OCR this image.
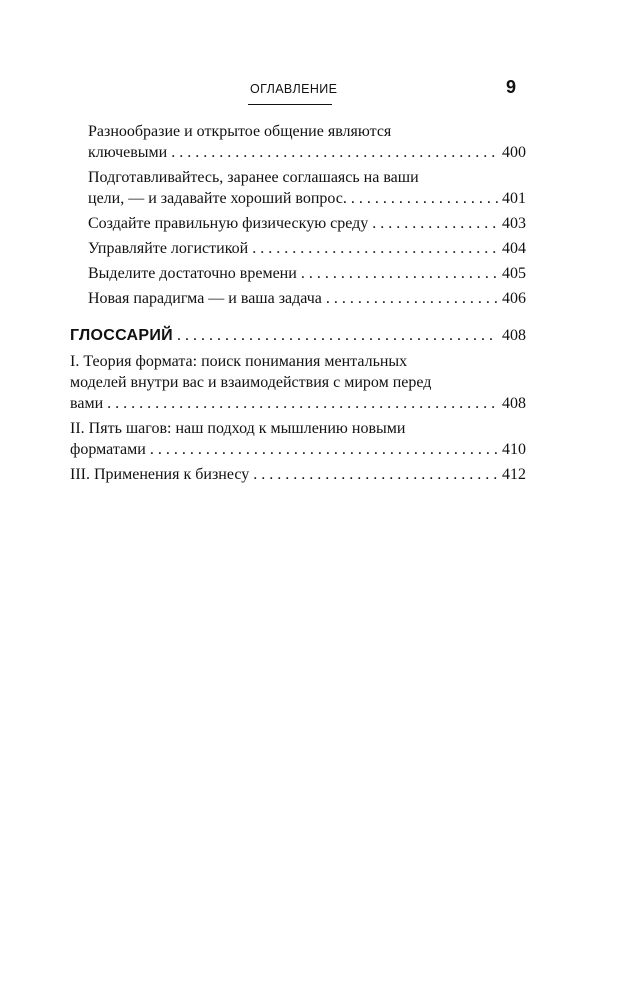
ОГЛАВЛЕНИЕ	9
Разнообразие и открытое общение являются
ключевыми . . .	400
Подготавливайтесь, заранее соглашаясь на ваши
цели, — и задавайте хороший вопрос. . . .	401
Создайте правильную физическую среду . . .	403
Управляйте логистикой . . .	404
Выделите достаточно времени . . .	405
Новая парадигма — и ваша задача . . .	406
ГЛОССАРИЙ . . .	408
I. Теория формата: поиск понимания ментальных
моделей внутри вас и взаимодействия с миром перед
вами . . .	408
II. Пять шагов: наш подход к мышлению новыми
форматами . . .	410
III. Применения к бизнесу . . .	412
